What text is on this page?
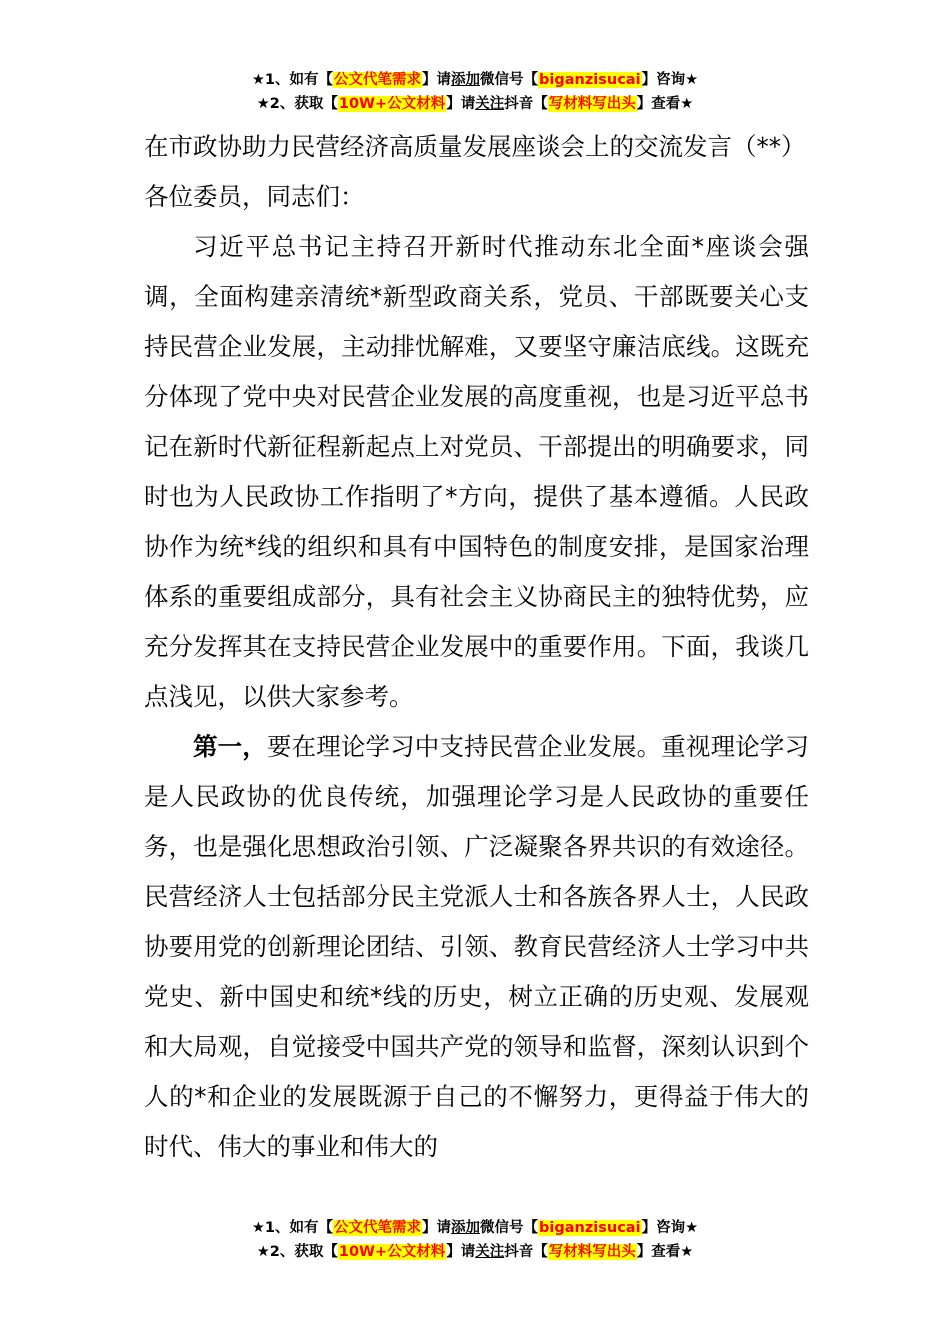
★1、如有【公文代笔需求】请添加微信号【biganzisucai】咨询★
★2、获取【10W+公文材料】请关注抖音【写材料写出头】查看★

在市政协助力民营经济高质量发展座谈会上的交流发言（**）

各位委员，同志们：

习近平总书记主持召开新时代推动东北全面*座谈会强调，全面构建亲清统*新型政商关系，党员、干部既要关心支持民营企业发展，主动排忧解难，又要坚守廉洁底线。这既充分体现了党中央对民营企业发展的高度重视，也是习近平总书记在新时代新征程新起点上对党员、干部提出的明确要求，同时也为人民政协工作指明了*方向，提供了基本遵循。人民政协作为统*线的组织和具有中国特色的制度安排，是国家治理体系的重要组成部分，具有社会主义协商民主的独特优势，应充分发挥其在支持民营企业发展中的重要作用。下面，我谈几点浅见，以供大家参考。

第一，要在理论学习中支持民营企业发展。重视理论学习是人民政协的优良传统，加强理论学习是人民政协的重要任务，也是强化思想政治引领、广泛凝聚各界共识的有效途径。民营经济人士包括部分民主党派人士和各族各界人士，人民政协要用党的创新理论团结、引领、教育民营经济人士学习中共党史、新中国史和统*线的历史，树立正确的历史观、发展观和大局观，自觉接受中国共产党的领导和监督，深刻认识到个人的*和企业的发展既源于自己的不懈努力，更得益于伟大的时代、伟大的事业和伟大的

★1、如有【公文代笔需求】请添加微信号【biganzisucai】咨询★
★2、获取【10W+公文材料】请关注抖音【写材料写出头】查看★
